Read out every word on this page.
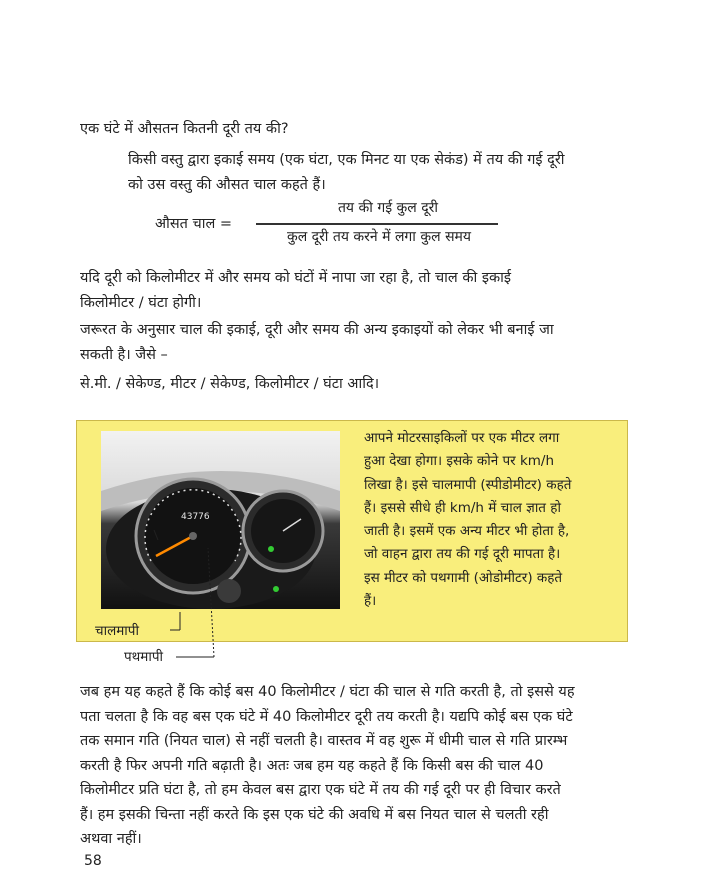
एक घंटे में औसतन कितनी दूरी तय की?

किसी वस्तु द्वारा इकाई समय (एक घंटा, एक मिनट या एक सेकंड) में तय की गई दूरी
को उस वस्तु की औसत चाल कहते हैं।
औसत चाल =
तय की गई कुल दूरी
कुल दूरी तय करने में लगा कुल समय
यदि दूरी को किलोमीटर में और समय को घंटों में नापा जा रहा है, तो चाल की इकाई
किलोमीटर / घंटा होगी।
जरूरत के अनुसार चाल की इकाई, दूरी और समय की अन्य इकाइयों को लेकर भी बनाई जा
सकती है। जैसे –

से.मी. / सेकेण्ड, मीटर / सेकेण्ड, किलोमीटर / घंटा आदि।

43776
आपने मोटरसाइकिलों पर एक मीटर लगा
हुआ देखा होगा। इसके कोने पर km/h
लिखा है। इसे चालमापी (स्पीडोमीटर) कहते
हैं। इससे सीधे ही km/h में चाल ज्ञात हो
जाती है। इसमें एक अन्य मीटर भी होता है,
जो वाहन द्वारा तय की गई दूरी मापता है।
इस मीटर को पथगामी (ओडोमीटर) कहते
हैं।
चालमापी
पथमापी
जब हम यह कहते हैं कि कोई बस 40 किलोमीटर / घंटा की चाल से गति करती है, तो इससे यह
पता चलता है कि वह बस एक घंटे में 40 किलोमीटर दूरी तय करती है। यद्यपि कोई बस एक घंटे
तक समान गति (नियत चाल) से नहीं चलती है। वास्तव में वह शुरू में धीमी चाल से गति प्रारम्भ
करती है फिर अपनी गति बढ़ाती है। अतः जब हम यह कहते हैं कि किसी बस की चाल 40
किलोमीटर प्रति घंटा है, तो हम केवल बस द्वारा एक घंटे में तय की गई दूरी पर ही विचार करते
हैं। हम इसकी चिन्ता नहीं करते कि इस एक घंटे की अवधि में बस नियत चाल से चलती रही
अथवा नहीं।
58
